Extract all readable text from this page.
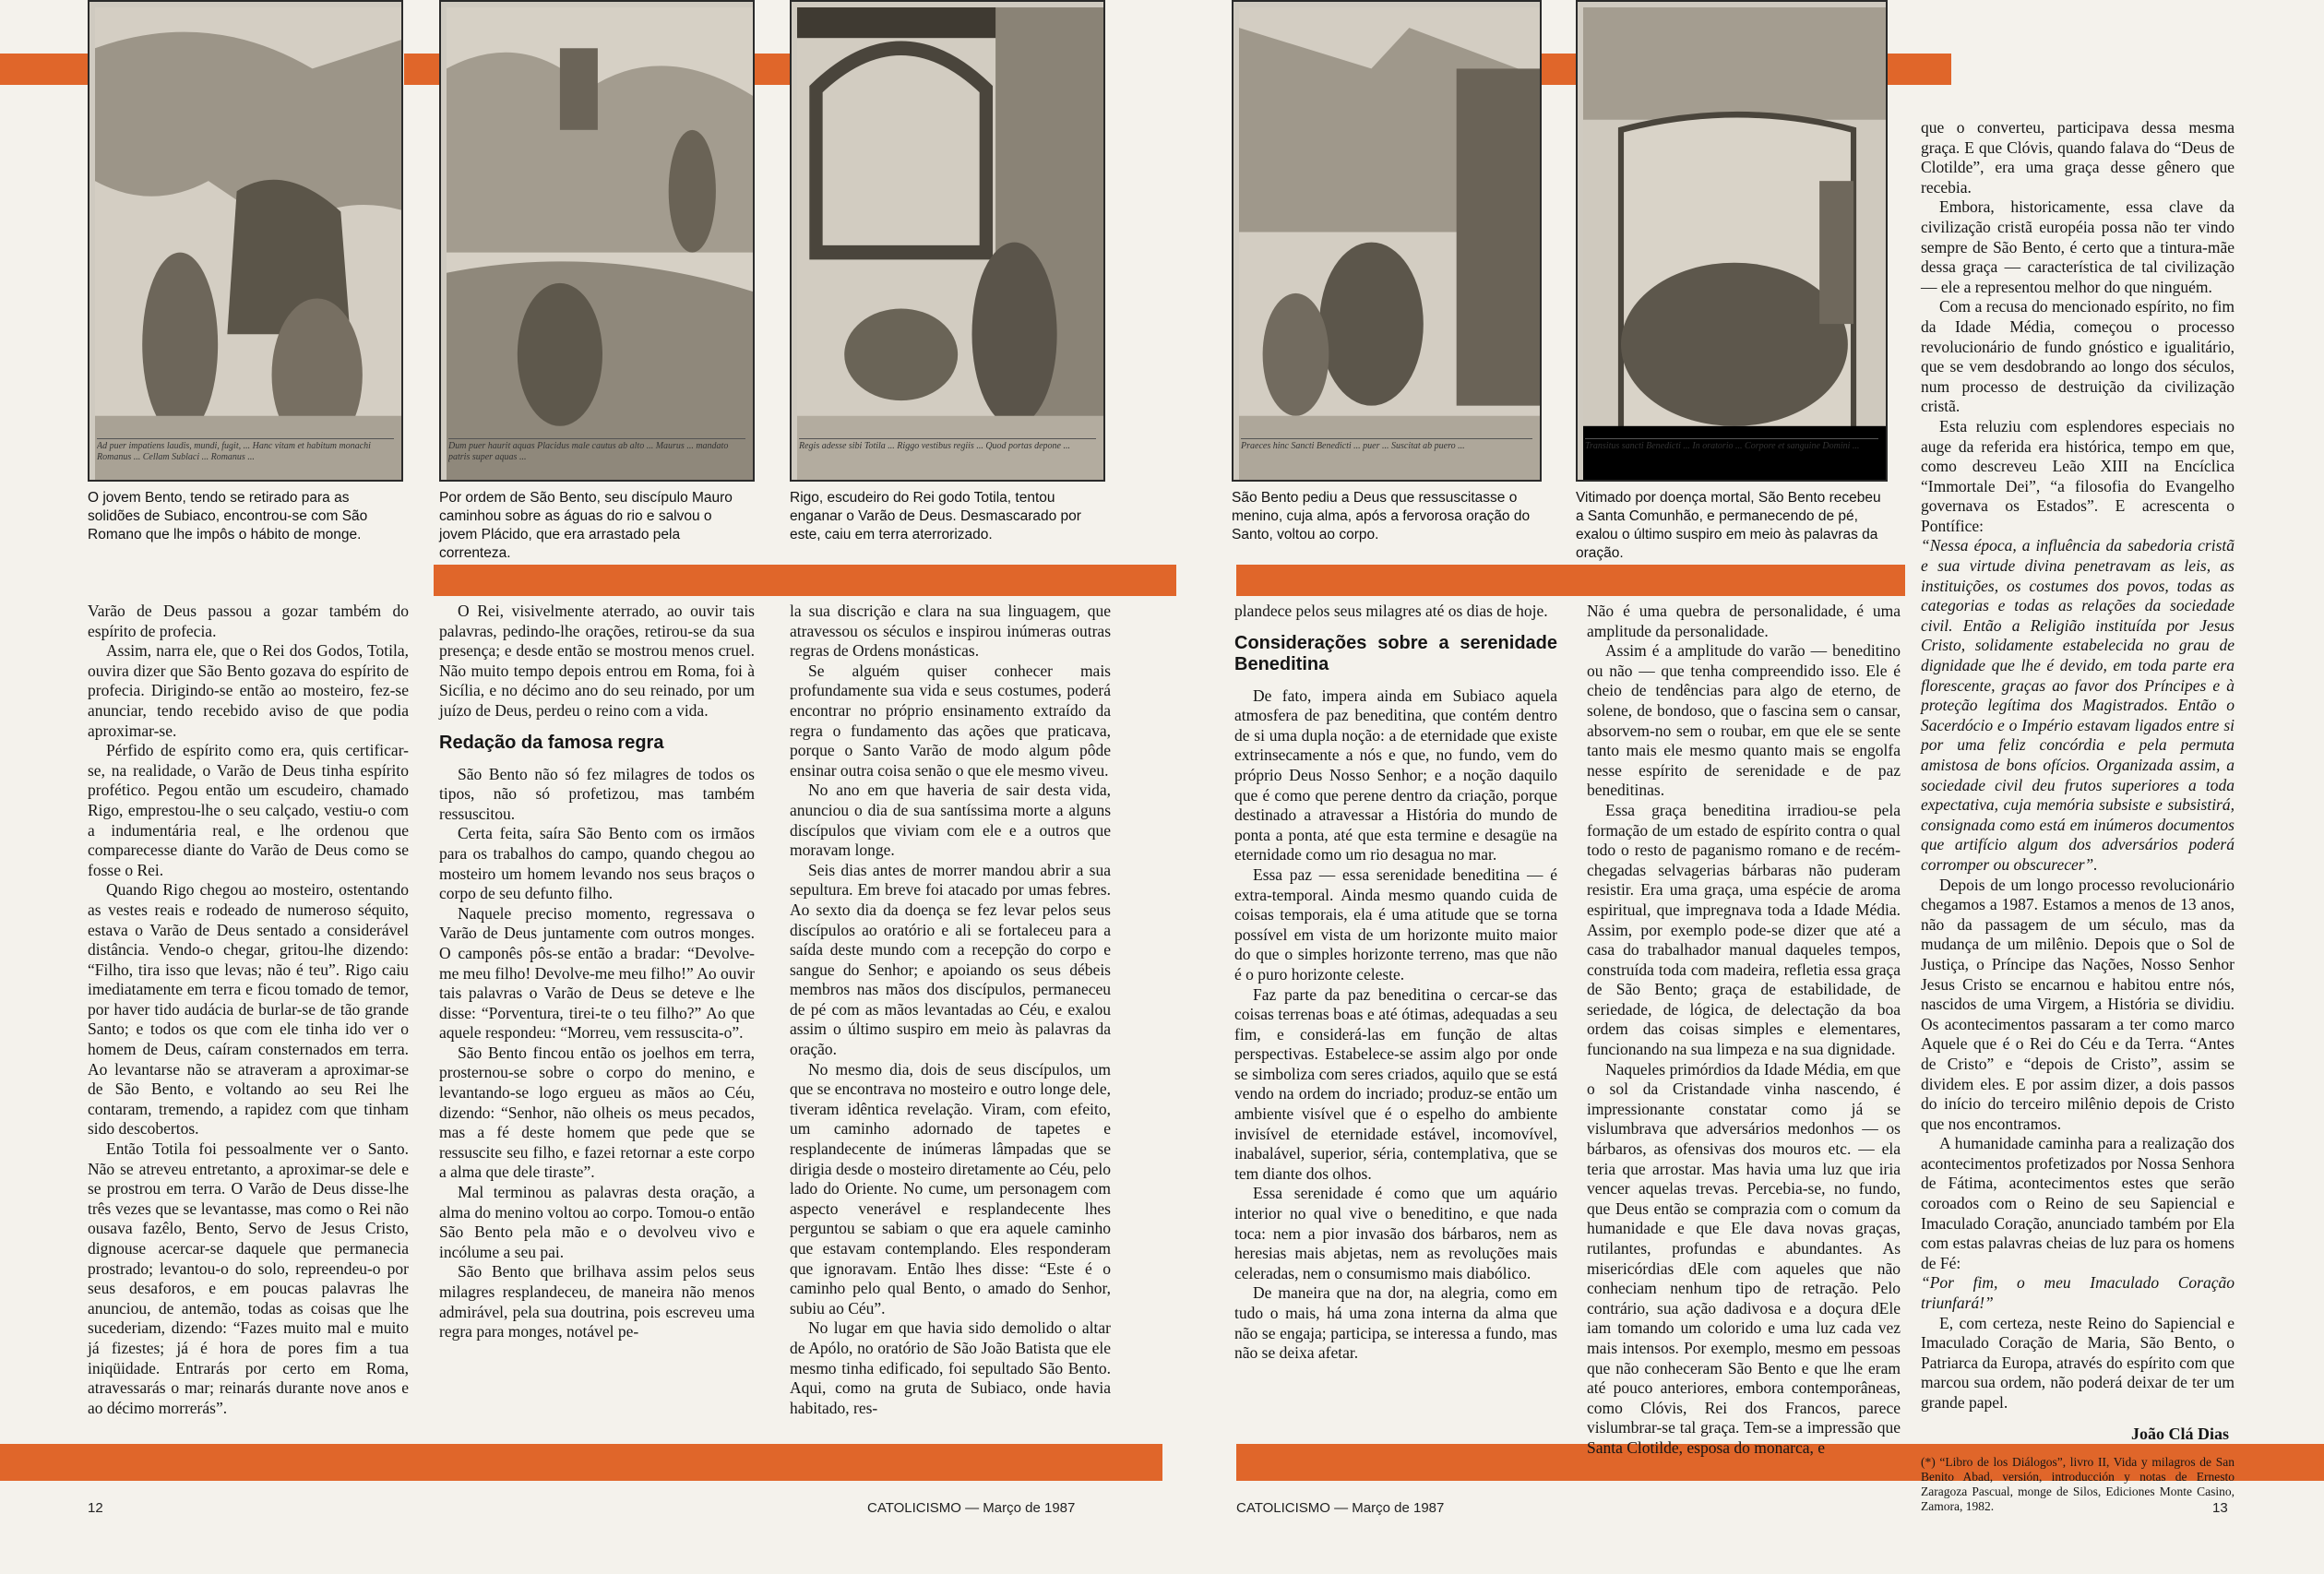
Ad puer impatiens laudis, mundi, fugit, ... Hanc vitam et habitum monachi Romanus ... Cellam Sublaci ... Romanus ...
Dum puer haurit aquas Placidus male cautus ab alto ... Maurus ... mandato patris super aquas ...
Regis adesse sibi Totila ... Riggo vestibus regiis ... Quod portas depone ...	Praeces hinc Sancti Benedicti ... puer ... Suscitat ab puero ...	Transitus sancti Benedicti ... In oratorio ... Corpore et sanguine Domini ...
O jovem Bento, tendo se retirado para as solidões de Subiaco, encontrou-se com São Romano que lhe impôs o hábito de monge.
Por ordem de São Bento, seu discípulo Mauro caminhou sobre as águas do rio e salvou o jovem Plácido, que era arrastado pela correnteza.
Rigo, escudeiro do Rei godo Totila, tentou enganar o Varão de Deus. Desmascarado por este, caiu em terra aterrorizado.
São Bento pediu a Deus que ressuscitasse o menino, cuja alma, após a fervorosa oração do Santo, voltou ao corpo.
Vitimado por doença mortal, São Bento recebeu a Santa Comunhão, e permanecendo de pé, exalou o último suspiro em meio às palavras da oração.

Varão de Deus passou a gozar também do espírito de profecia.

Assim, narra ele, que o Rei dos Godos, Totila, ouvira dizer que São Bento gozava do espírito de profecia. Dirigindo-se então ao mosteiro, fez-se anunciar, tendo recebido aviso de que podia aproximar-se.

Pérfido de espírito como era, quis certificar-se, na realidade, o Varão de Deus tinha espírito profético. Pegou então um escudeiro, chamado Rigo, emprestou-lhe o seu calçado, vestiu-o com a indumentária real, e lhe ordenou que comparecesse diante do Varão de Deus como se fosse o Rei.

Quando Rigo chegou ao mosteiro, ostentando as vestes reais e rodeado de numeroso séquito, estava o Varão de Deus sentado a considerável distância. Vendo-o chegar, gritou-lhe dizendo: “Filho, tira isso que levas; não é teu”. Rigo caiu imediatamente em terra e ficou tomado de temor, por haver tido audácia de burlar-se de tão grande Santo; e todos os que com ele tinha ido ver o homem de Deus, caíram consternados em terra. Ao levantarse não se atraveram a aproximar-se de São Bento, e voltando ao seu Rei lhe contaram, tremendo, a rapidez com que tinham sido descobertos.

Então Totila foi pessoalmente ver o Santo. Não se atreveu entretanto, a aproximar-se dele e se prostrou em terra. O Varão de Deus disse-lhe três vezes que se levantasse, mas como o Rei não ousava fazêlo, Bento, Servo de Jesus Cristo, dignouse acercar-se daquele que permanecia prostrado; levantou-o do solo, repreendeu-o por seus desaforos, e em poucas palavras lhe anunciou, de antemão, todas as coisas que lhe sucederiam, dizendo: “Fazes muito mal e muito já fizestes; já é hora de pores fim a tua iniqüidade. Entrarás por certo em Roma, atravessarás o mar; reinarás durante nove anos e ao décimo morrerás”.

O Rei, visivelmente aterrado, ao ouvir tais palavras, pedindo-lhe orações, retirou-se da sua presença; e desde então se mostrou menos cruel. Não muito tempo depois entrou em Roma, foi à Sicília, e no décimo ano do seu reinado, por um juízo de Deus, perdeu o reino com a vida.

Redação da famosa regra

São Bento não só fez milagres de todos os tipos, não só profetizou, mas também ressuscitou.

Certa feita, saíra São Bento com os irmãos para os trabalhos do campo, quando chegou ao mosteiro um homem levando nos seus braços o corpo de seu defunto filho.

Naquele preciso momento, regressava o Varão de Deus juntamente com outros monges. O camponês pôs-se então a bradar: “Devolve-me meu filho! Devolve-me meu filho!” Ao ouvir tais palavras o Varão de Deus se deteve e lhe disse: “Porventura, tirei-te o teu filho?” Ao que aquele respondeu: “Morreu, vem ressuscita-o”.

São Bento fincou então os joelhos em terra, prosternou-se sobre o corpo do menino, e levantando-se logo ergueu as mãos ao Céu, dizendo: “Senhor, não olheis os meus pecados, mas a fé deste homem que pede que se ressuscite seu filho, e fazei retornar a este corpo a alma que dele tiraste”.

Mal terminou as palavras desta oração, a alma do menino voltou ao corpo. Tomou-o então São Bento pela mão e o devolveu vivo e incólume a seu pai.

São Bento que brilhava assim pelos seus milagres resplandeceu, de maneira não menos admirável, pela sua doutrina, pois escreveu uma regra para monges, notável pe-

la sua discrição e clara na sua linguagem, que atravessou os séculos e inspirou inúmeras outras regras de Ordens monásticas.

Se alguém quiser conhecer mais profundamente sua vida e seus costumes, poderá encontrar no próprio ensinamento extraído da regra o fundamento das ações que praticava, porque o Santo Varão de modo algum pôde ensinar outra coisa senão o que ele mesmo viveu.

No ano em que haveria de sair desta vida, anunciou o dia de sua santíssima morte a alguns discípulos que viviam com ele e a outros que moravam longe.

Seis dias antes de morrer mandou abrir a sua sepultura. Em breve foi atacado por umas febres. Ao sexto dia da doença se fez levar pelos seus discípulos ao oratório e ali se fortaleceu para a saída deste mundo com a recepção do corpo e sangue do Senhor; e apoiando os seus débeis membros nas mãos dos discípulos, permaneceu de pé com as mãos levantadas ao Céu, e exalou assim o último suspiro em meio às palavras da oração.

No mesmo dia, dois de seus discípulos, um que se encontrava no mosteiro e outro longe dele, tiveram idêntica revelação. Viram, com efeito, um caminho adornado de tapetes e resplandecente de inúmeras lâmpadas que se dirigia desde o mosteiro diretamente ao Céu, pelo lado do Oriente. No cume, um personagem com aspecto venerável e resplandecente lhes perguntou se sabiam o que era aquele caminho que estavam contemplando. Eles responderam que ignoravam. Então lhes disse: “Este é o caminho pelo qual Bento, o amado do Senhor, subiu ao Céu”.

No lugar em que havia sido demolido o altar de Apólo, no oratório de São João Batista que ele mesmo tinha edificado, foi sepultado São Bento. Aqui, como na gruta de Subiaco, onde havia habitado, res-

plandece pelos seus milagres até os dias de hoje.

Considerações sobre a serenidade Beneditina

De fato, impera ainda em Subiaco aquela atmosfera de paz beneditina, que contém dentro de si uma dupla noção: a de eternidade que existe extrinsecamente a nós e que, no fundo, vem do próprio Deus Nosso Senhor; e a noção daquilo que é como que perene dentro da criação, porque destinado a atravessar a História do mundo de ponta a ponta, até que esta termine e desagüe na eternidade como um rio desagua no mar.

Essa paz — essa serenidade beneditina — é extra-temporal. Ainda mesmo quando cuida de coisas temporais, ela é uma atitude que se torna possível em vista de um horizonte muito maior do que o simples horizonte terreno, mas que não é o puro horizonte celeste.

Faz parte da paz beneditina o cercar-se das coisas terrenas boas e até ótimas, adequadas a seu fim, e considerá-las em função de altas perspectivas. Estabelece-se assim algo por onde se simboliza com seres criados, aquilo que se está vendo na ordem do incriado; produz-se então um ambiente visível que é o espelho do ambiente invisível de eternidade estável, incomovível, inabalável, superior, séria, contemplativa, que se tem diante dos olhos.

Essa serenidade é como que um aquário interior no qual vive o beneditino, e que nada toca: nem a pior invasão dos bárbaros, nem as heresias mais abjetas, nem as revoluções mais celeradas, nem o consumismo mais diabólico.

De maneira que na dor, na alegria, como em tudo o mais, há uma zona interna da alma que não se engaja; participa, se interessa a fundo, mas não se deixa afetar.

Não é uma quebra de personalidade, é uma amplitude da personalidade.

Assim é a amplitude do varão — beneditino ou não — que tenha compreendido isso. Ele é cheio de tendências para algo de eterno, de solene, de bondoso, que o fascina sem o cansar, absorvem-no sem o roubar, em que ele se sente tanto mais ele mesmo quanto mais se engolfa nesse espírito de serenidade e de paz beneditinas.

Essa graça beneditina irradiou-se pela formação de um estado de espírito contra o qual todo o resto de paganismo romano e de recém-chegadas selvagerias bárbaras não puderam resistir. Era uma graça, uma espécie de aroma espiritual, que impregnava toda a Idade Média. Assim, por exemplo pode-se dizer que até a casa do trabalhador manual daqueles tempos, construída toda com madeira, refletia essa graça de São Bento; graça de estabilidade, de seriedade, de lógica, de delectação da boa ordem das coisas simples e elementares, funcionando na sua limpeza e na sua dignidade.

Naqueles primórdios da Idade Média, em que o sol da Cristandade vinha nascendo, é impressionante constatar como já se vislumbrava que adversários medonhos — os bárbaros, as ofensivas dos mouros etc. — ela teria que arrostar. Mas havia uma luz que iria vencer aquelas trevas. Percebia-se, no fundo, que Deus então se comprazia com o comum da humanidade e que Ele dava novas graças, rutilantes, profundas e abundantes. As misericórdias dEle com aqueles que não conheciam nenhum tipo de retração. Pelo contrário, sua ação dadivosa e a doçura dEle iam tomando um colorido e uma luz cada vez mais intensos. Por exemplo, mesmo em pessoas que não conheceram São Bento e que lhe eram até pouco anteriores, embora contemporâneas, como Clóvis, Rei dos Francos, parece vislumbrar-se tal graça. Tem-se a impressão que Santa Clotilde, esposa do monarca, e

que o converteu, participava dessa mesma graça. E que Clóvis, quando falava do “Deus de Clotilde”, era uma graça desse gênero que recebia.

Embora, historicamente, essa clave da civilização cristã européia possa não ter vindo sempre de São Bento, é certo que a tintura-mãe dessa graça — característica de tal civilização — ele a representou melhor do que ninguém.

Com a recusa do mencionado espírito, no fim da Idade Média, começou o processo revolucionário de fundo gnóstico e igualitário, que se vem desdobrando ao longo dos séculos, num processo de destruição da civilização cristã.

Esta reluziu com esplendores especiais no auge da referida era histórica, tempo em que, como descreveu Leão XIII na Encíclica “Immortale Dei”, “a filosofia do Evangelho governava os Estados”. E acrescenta o Pontífice:

“Nessa época, a influência da sabedoria cristã e sua virtude divina penetravam as leis, as instituições, os costumes dos povos, todas as categorias e todas as relações da sociedade civil. Então a Religião instituída por Jesus Cristo, solidamente estabelecida no grau de dignidade que lhe é devido, em toda parte era florescente, graças ao favor dos Príncipes e à proteção legítima dos Magistrados. Então o Sacerdócio e o Império estavam ligados entre si por uma feliz concórdia e pela permuta amistosa de bons ofícios. Organizada assim, a sociedade civil deu frutos superiores a toda expectativa, cuja memória subsiste e subsistirá, consignada como está em inúmeros documentos que artifício algum dos adversários poderá corromper ou obscurecer”.

Depois de um longo processo revolucionário chegamos a 1987. Estamos a menos de 13 anos, não da passagem de um século, mas da mudança de um milênio. Depois que o Sol de Justiça, o Príncipe das Nações, Nosso Senhor Jesus Cristo se encarnou e habitou entre nós, nascidos de uma Virgem, a História se dividiu. Os acontecimentos passaram a ter como marco Aquele que é o Rei do Céu e da Terra. “Antes de Cristo” e “depois de Cristo”, assim se dividem eles. E por assim dizer, a dois passos do início do terceiro milênio depois de Cristo que nos encontramos.

A humanidade caminha para a realização dos acontecimentos profetizados por Nossa Senhora de Fátima, acontecimentos estes que serão coroados com o Reino de seu Sapiencial e Imaculado Coração, anunciado também por Ela com estas palavras cheias de luz para os homens de Fé:

“Por fim, o meu Imaculado Coração triunfará!”

E, com certeza, neste Reino do Sapiencial e Imaculado Coração de Maria, São Bento, o Patriarca da Europa, através do espírito com que marcou sua ordem, não poderá deixar de ter um grande papel.

João Clá Dias
(*) “Libro de los Diálogos”, livro II, Vida y milagros de San Benito Abad, versión, introducción y notas de Ernesto Zaragoza Pascual, monge de Silos, Ediciones Monte Casino, Zamora, 1982.
12	CATOLICISMO — Março de 1987	CATOLICISMO — Março de 1987	13
